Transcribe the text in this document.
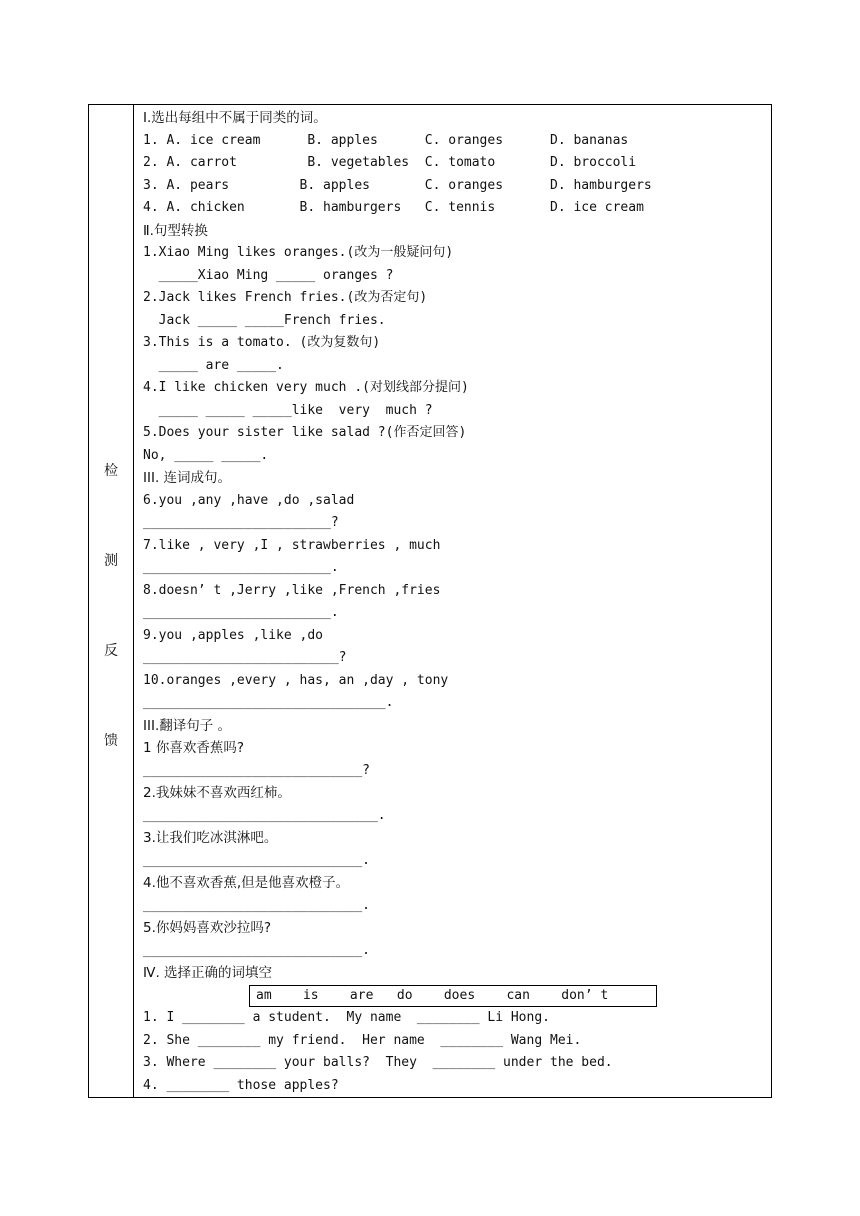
检
测
反
馈
Ⅰ.选出每组中不属于同类的词。
1. A. ice cream      B. apples      C. oranges      D. bananas
2. A. carrot         B. vegetables  C. tomato       D. broccoli
3. A. pears         B. apples       C. oranges      D. hamburgers
4. A. chicken       B. hamburgers   C. tennis       D. ice cream
Ⅱ.句型转换
1.Xiao Ming likes oranges.(改为一般疑问句)
_____Xiao Ming _____ oranges ?
2.Jack likes French fries.(改为否定句)
Jack _____ _____French fries.
3.This is a tomato. (改为复数句)
_____ are _____.
4.I like chicken very much .(对划线部分提问)
_____ _____ _____like  very  much ?
5.Does your sister like salad ?(作否定回答)
No, _____ _____.
III. 连词成句。
6.you ,any ,have ,do ,salad
________________________?
7.like , very ,I , strawberries , much
________________________.
8.doesn’ t ,Jerry ,like ,French ,fries
________________________.
9.you ,apples ,like ,do
_________________________?
10.oranges ,every , has, an ,day , tony
_______________________________.
III.翻译句子 。
1 你喜欢香蕉吗?
____________________________?
2.我妹妹不喜欢西红柿。
______________________________.
3.让我们吃冰淇淋吧。
____________________________.
4.他不喜欢香蕉,但是他喜欢橙子。
____________________________.
5.你妈妈喜欢沙拉吗?
____________________________.
Ⅳ. 选择正确的词填空
1. I ________ a student.  My name  ________ Li Hong.
2. She ________ my friend.  Her name  ________ Wang Mei.
3. Where ________ your balls?  They  ________ under the bed.
4. ________ those apples?
am    is    are   do    does    can    don’ t
